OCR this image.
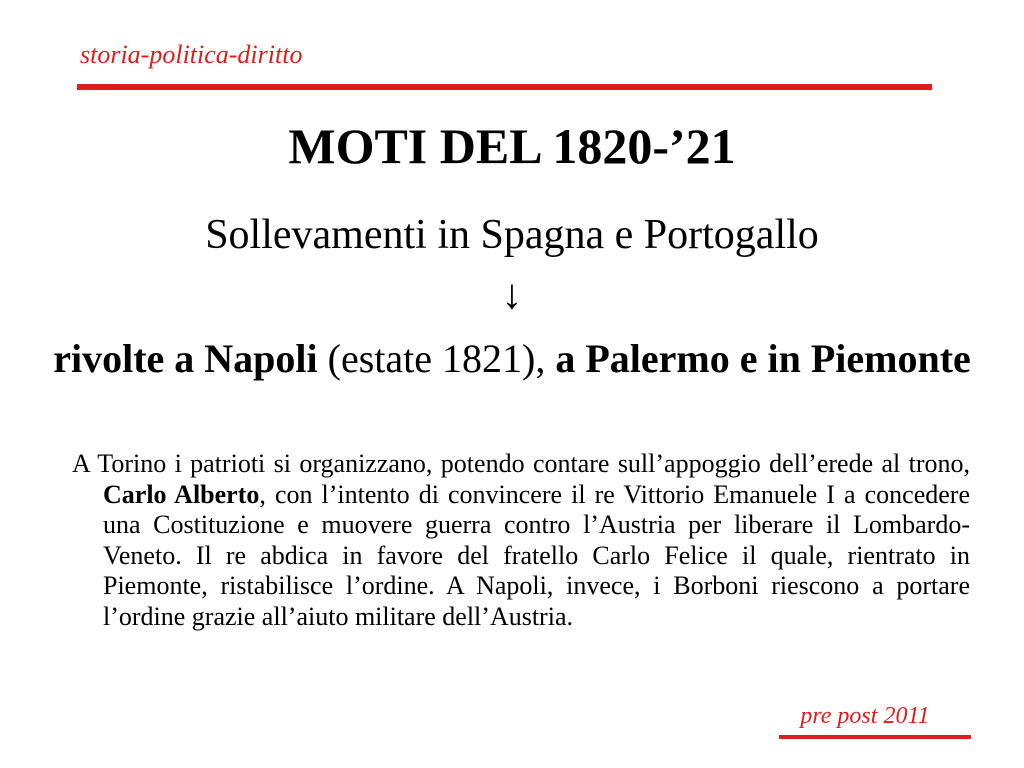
storia-politica-diritto
MOTI DEL 1820-’21
Sollevamenti in Spagna e Portogallo
↓
rivolte a Napoli (estate 1821), a Palermo e in Piemonte

A Torino i patrioti si organizzano, potendo contare sull’appoggio dell’erede al trono, Carlo Alberto, con l’intento di convincere il re Vittorio Emanuele I a concedere una Costituzione e muovere guerra contro l’Austria per liberare il Lombardo-Veneto. Il re abdica in favore del fratello Carlo Felice il quale, rientrato in Piemonte, ristabilisce l’ordine. A Napoli, invece, i Borboni riescono a portare l’ordine grazie all’aiuto militare dell’Austria.

pre post 2011
